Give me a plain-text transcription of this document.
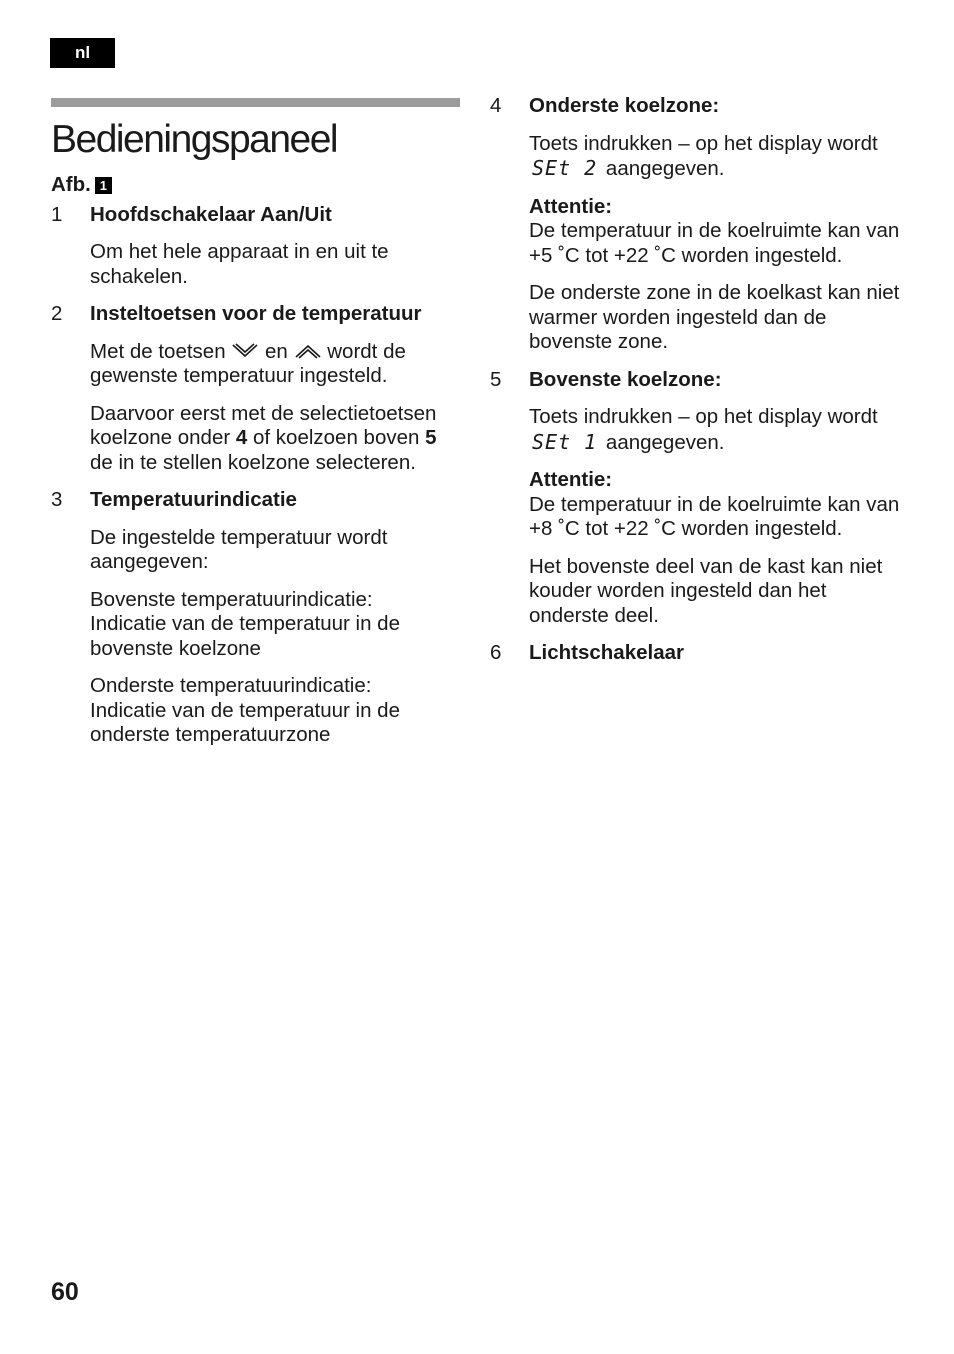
nl
Bedieningspaneel

Afb. 1

1	Hoofdschakelaar Aan/Uit

Om het hele apparaat in en uit te schakelen.

2	Insteltoetsen voor de temperatuur

Met de toetsen en wordt de gewenste temperatuur ingesteld.

Daarvoor eerst met de selectietoetsen koelzone onder 4 of koelzoen boven 5 de in te stellen koelzone selecteren.

3	Temperatuurindicatie

De ingestelde temperatuur wordt aangegeven:

Bovenste temperatuurindicatie:
Indicatie van de temperatuur in de bovenste koelzone

Onderste temperatuurindicatie:
Indicatie van de temperatuur in de onderste temperatuurzone

4	Onderste koelzone:

Toets indrukken – op het display wordt SEt 2 aangegeven.

Attentie:
De temperatuur in de koelruimte kan van +5 ˚C tot +22 ˚C worden ingesteld.

De onderste zone in de koelkast kan niet warmer worden ingesteld dan de bovenste zone.

5	Bovenste koelzone:

Toets indrukken – op het display wordt SEt 1 aangegeven.

Attentie:
De temperatuur in de koelruimte kan van +8 ˚C tot +22 ˚C worden ingesteld.

Het bovenste deel van de kast kan niet kouder worden ingesteld dan het onderste deel.

6	Lichtschakelaar

60
